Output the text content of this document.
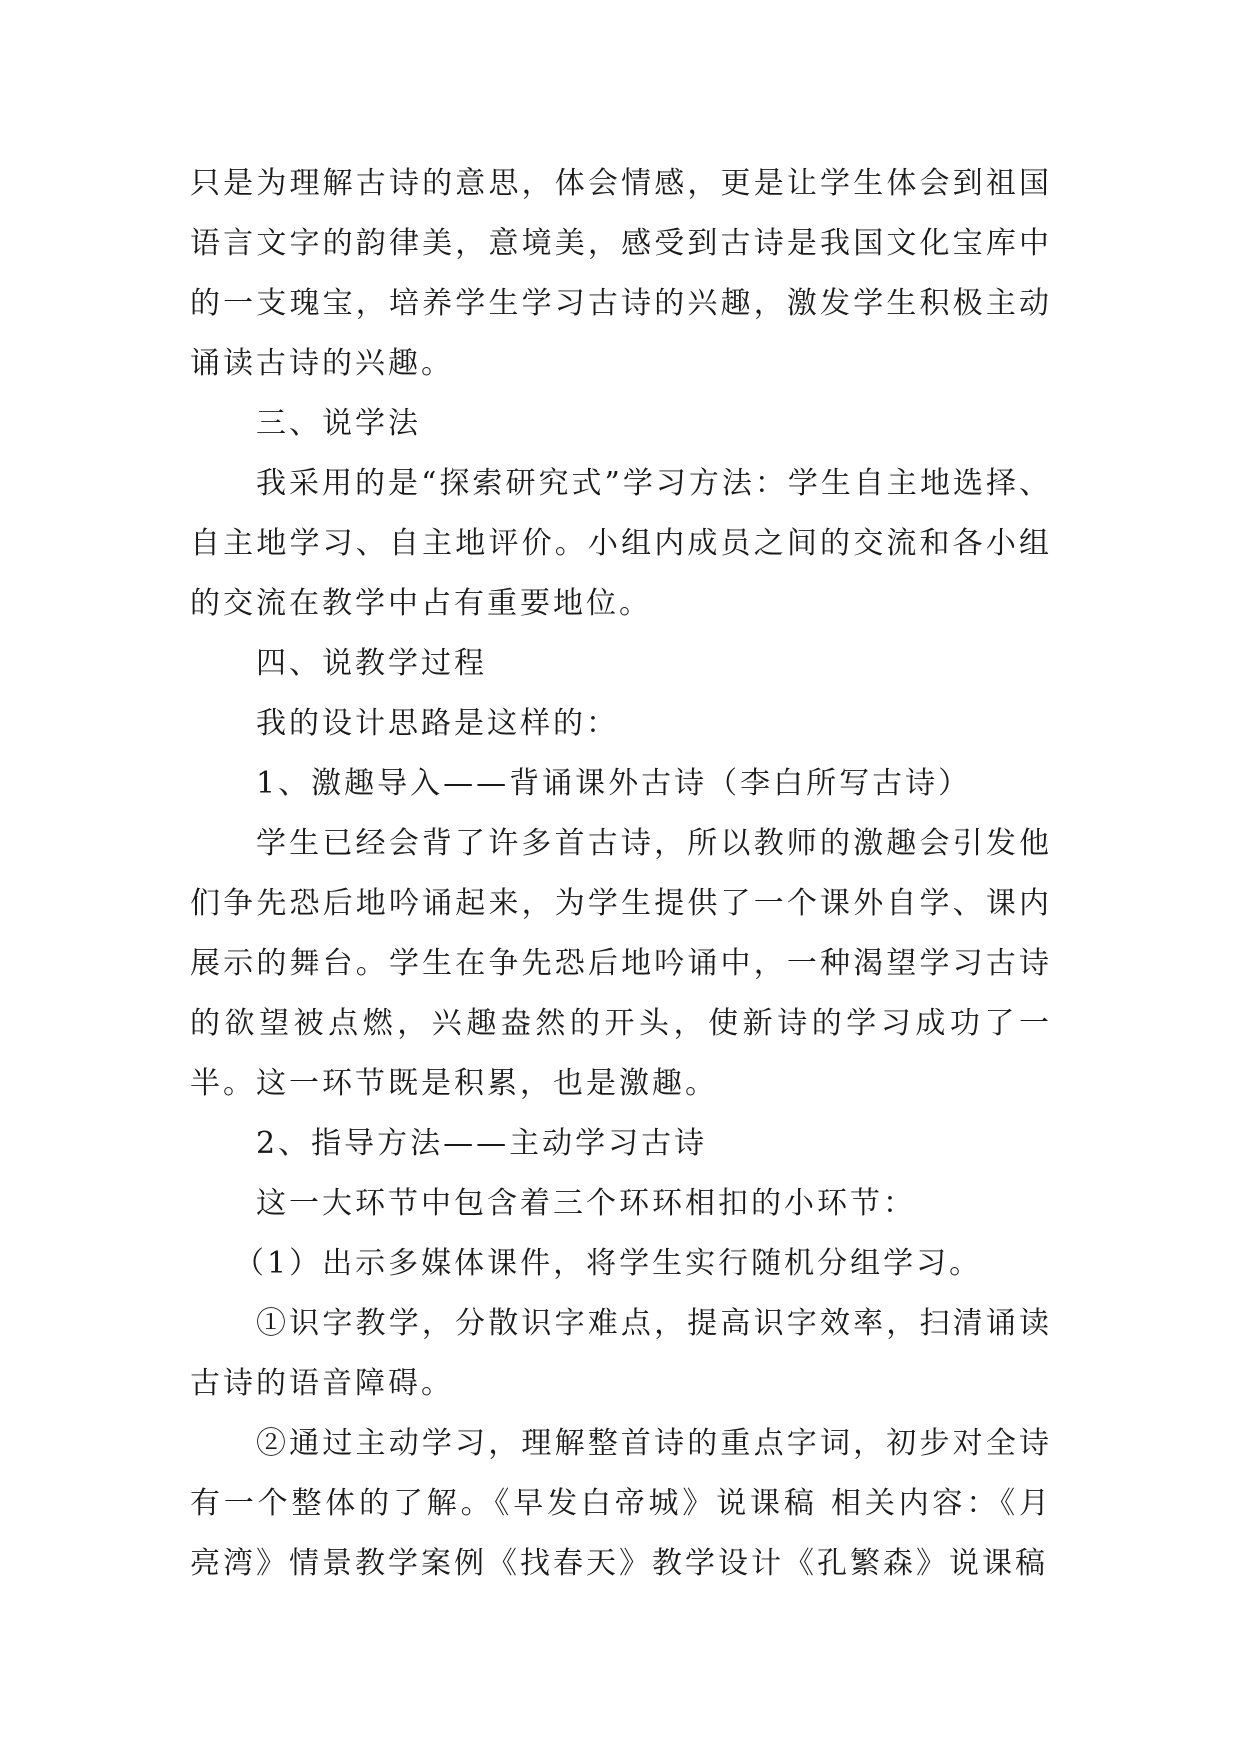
只是为理解古诗的意思，体会情感，更是让学生体会到祖国语言文字的韵律美，意境美，感受到古诗是我国文化宝库中的一支瑰宝，培养学生学习古诗的兴趣，激发学生积极主动诵读古诗的兴趣。

三、说学法

我采用的是“探索研究式”学习方法：学生自主地选择、自主地学习、自主地评价。小组内成员之间的交流和各小组的交流在教学中占有重要地位。

四、说教学过程

我的设计思路是这样的：

1、激趣导入——背诵课外古诗（李白所写古诗）

学生已经会背了许多首古诗，所以教师的激趣会引发他们争先恐后地吟诵起来，为学生提供了一个课外自学、课内展示的舞台。学生在争先恐后地吟诵中，一种渴望学习古诗的欲望被点燃，兴趣盎然的开头，使新诗的学习成功了一半。这一环节既是积累，也是激趣。

2、指导方法——主动学习古诗

这一大环节中包含着三个环环相扣的小环节：

（1）出示多媒体课件，将学生实行随机分组学习。

①识字教学，分散识字难点，提高识字效率，扫清诵读古诗的语音障碍。

②通过主动学习，理解整首诗的重点字词，初步对全诗有一个整体的了解。《早发白帝城》说课稿 相关内容：《月亮湾》情景教学案例《找春天》教学设计《孔繁森》说课稿
